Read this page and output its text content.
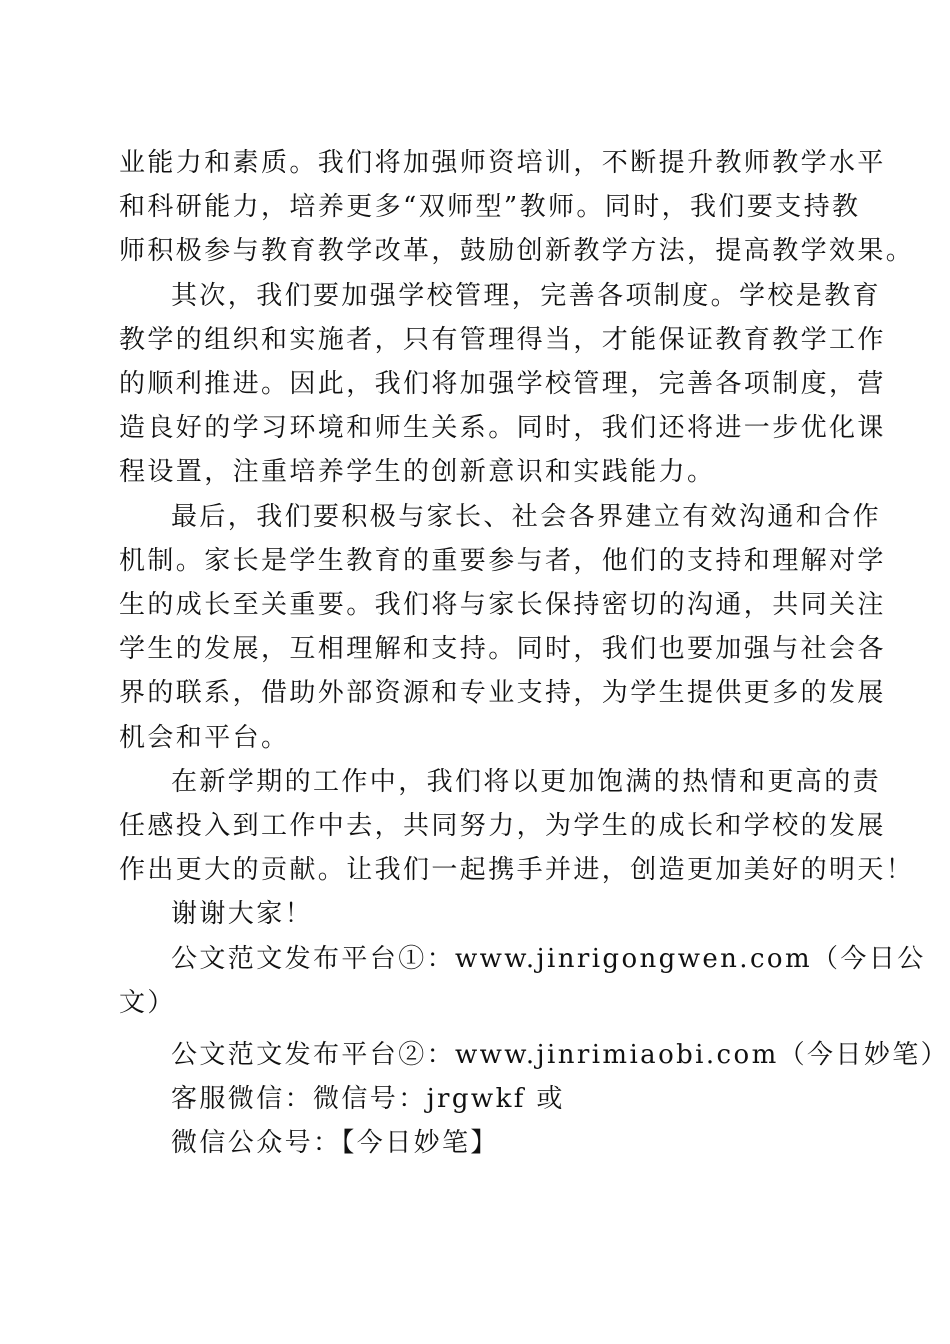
业能力和素质。我们将加强师资培训，不断提升教师教学水平
和科研能力，培养更多“双师型”教师。同时，我们要支持教
师积极参与教育教学改革，鼓励创新教学方法，提高教学效果。

其次，我们要加强学校管理，完善各项制度。学校是教育
教学的组织和实施者，只有管理得当，才能保证教育教学工作
的顺利推进。因此，我们将加强学校管理，完善各项制度，营
造良好的学习环境和师生关系。同时，我们还将进一步优化课
程设置，注重培养学生的创新意识和实践能力。

最后，我们要积极与家长、社会各界建立有效沟通和合作
机制。家长是学生教育的重要参与者，他们的支持和理解对学
生的成长至关重要。我们将与家长保持密切的沟通，共同关注
学生的发展，互相理解和支持。同时，我们也要加强与社会各
界的联系，借助外部资源和专业支持，为学生提供更多的发展
机会和平台。

在新学期的工作中，我们将以更加饱满的热情和更高的责
任感投入到工作中去，共同努力，为学生的成长和学校的发展
作出更大的贡献。让我们一起携手并进，创造更加美好的明天！

谢谢大家！
公文范文发布平台①：www.jinrigongwen.com（今日公
文）
公文范文发布平台②：www.jinrimiaobi.com（今日妙笔）
客服微信：微信号：jrgwkf 或
微信公众号：【今日妙笔】
